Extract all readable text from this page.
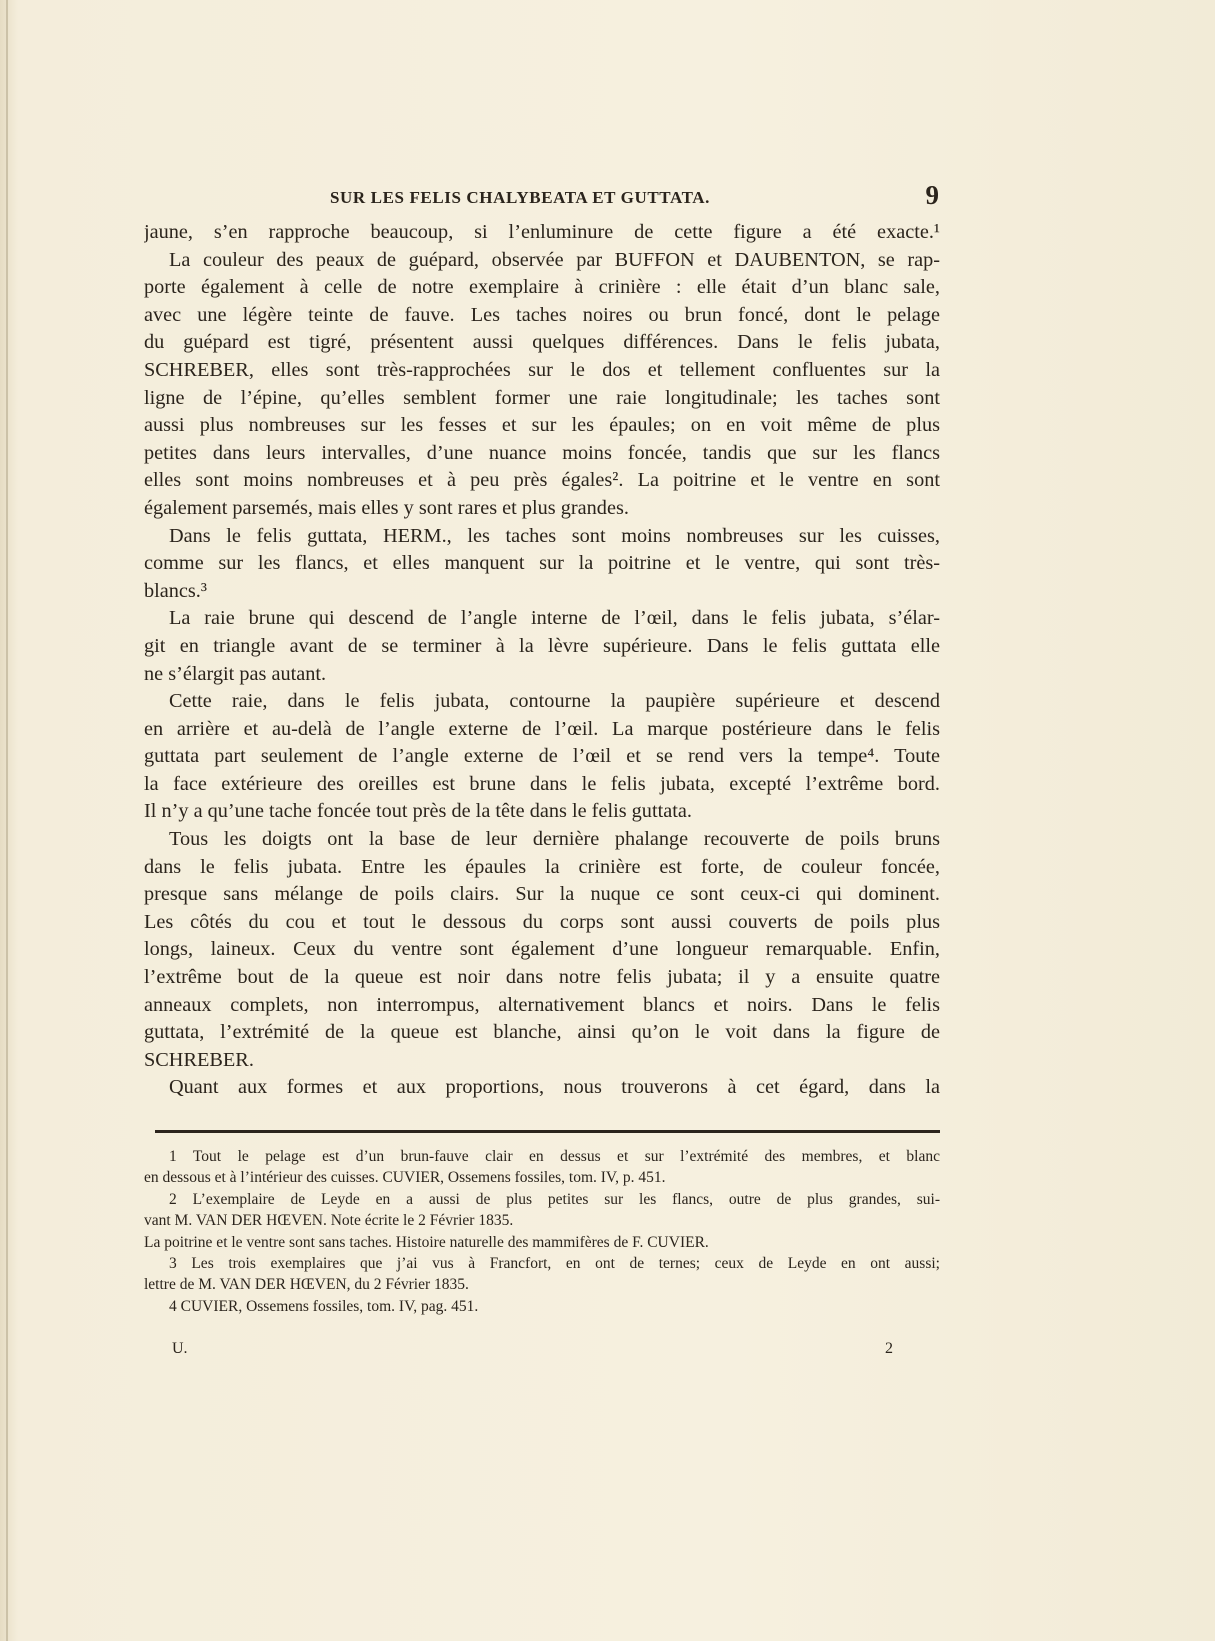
SUR LES FELIS CHALYBEATA ET GUTTATA.	9
jaune, s’en rapproche beaucoup, si l’enluminure de cette figure a été exacte.¹
La couleur des peaux de guépard, observée par BUFFON et DAUBENTON, se rap-
porte également à celle de notre exemplaire à crinière : elle était d’un blanc sale,
avec une légère teinte de fauve. Les taches noires ou brun foncé, dont le pelage
du guépard est tigré, présentent aussi quelques différences. Dans le felis jubata,
SCHREBER, elles sont très-rapprochées sur le dos et tellement confluentes sur la
ligne de l’épine, qu’elles semblent former une raie longitudinale; les taches sont
aussi plus nombreuses sur les fesses et sur les épaules; on en voit même de plus
petites dans leurs intervalles, d’une nuance moins foncée, tandis que sur les flancs
elles sont moins nombreuses et à peu près égales². La poitrine et le ventre en sont
également parsemés, mais elles y sont rares et plus grandes.
Dans le felis guttata, HERM., les taches sont moins nombreuses sur les cuisses,
comme sur les flancs, et elles manquent sur la poitrine et le ventre, qui sont très-
blancs.³
La raie brune qui descend de l’angle interne de l’œil, dans le felis jubata, s’élar-
git en triangle avant de se terminer à la lèvre supérieure. Dans le felis guttata elle
ne s’élargit pas autant.
Cette raie, dans le felis jubata, contourne la paupière supérieure et descend
en arrière et au-delà de l’angle externe de l’œil. La marque postérieure dans le felis
guttata part seulement de l’angle externe de l’œil et se rend vers la tempe⁴. Toute
la face extérieure des oreilles est brune dans le felis jubata, excepté l’extrême bord.
Il n’y a qu’une tache foncée tout près de la tête dans le felis guttata.
Tous les doigts ont la base de leur dernière phalange recouverte de poils bruns
dans le felis jubata. Entre les épaules la crinière est forte, de couleur foncée,
presque sans mélange de poils clairs. Sur la nuque ce sont ceux-ci qui dominent.
Les côtés du cou et tout le dessous du corps sont aussi couverts de poils plus
longs, laineux. Ceux du ventre sont également d’une longueur remarquable. Enfin,
l’extrême bout de la queue est noir dans notre felis jubata; il y a ensuite quatre
anneaux complets, non interrompus, alternativement blancs et noirs. Dans le felis
guttata, l’extrémité de la queue est blanche, ainsi qu’on le voit dans la figure de
SCHREBER.
Quant aux formes et aux proportions, nous trouverons à cet égard, dans la
1 Tout le pelage est d’un brun-fauve clair en dessus et sur l’extrémité des membres, et blanc
en dessous et à l’intérieur des cuisses. CUVIER, Ossemens fossiles, tom. IV, p. 451.
2 L’exemplaire de Leyde en a aussi de plus petites sur les flancs, outre de plus grandes, sui-
vant M. VAN DER HŒVEN. Note écrite le 2 Février 1835.
La poitrine et le ventre sont sans taches. Histoire naturelle des mammifères de F. CUVIER.
3 Les trois exemplaires que j’ai vus à Francfort, en ont de ternes; ceux de Leyde en ont aussi;
lettre de M. VAN DER HŒVEN, du 2 Février 1835.
4 CUVIER, Ossemens fossiles, tom. IV, pag. 451.
U.	2
